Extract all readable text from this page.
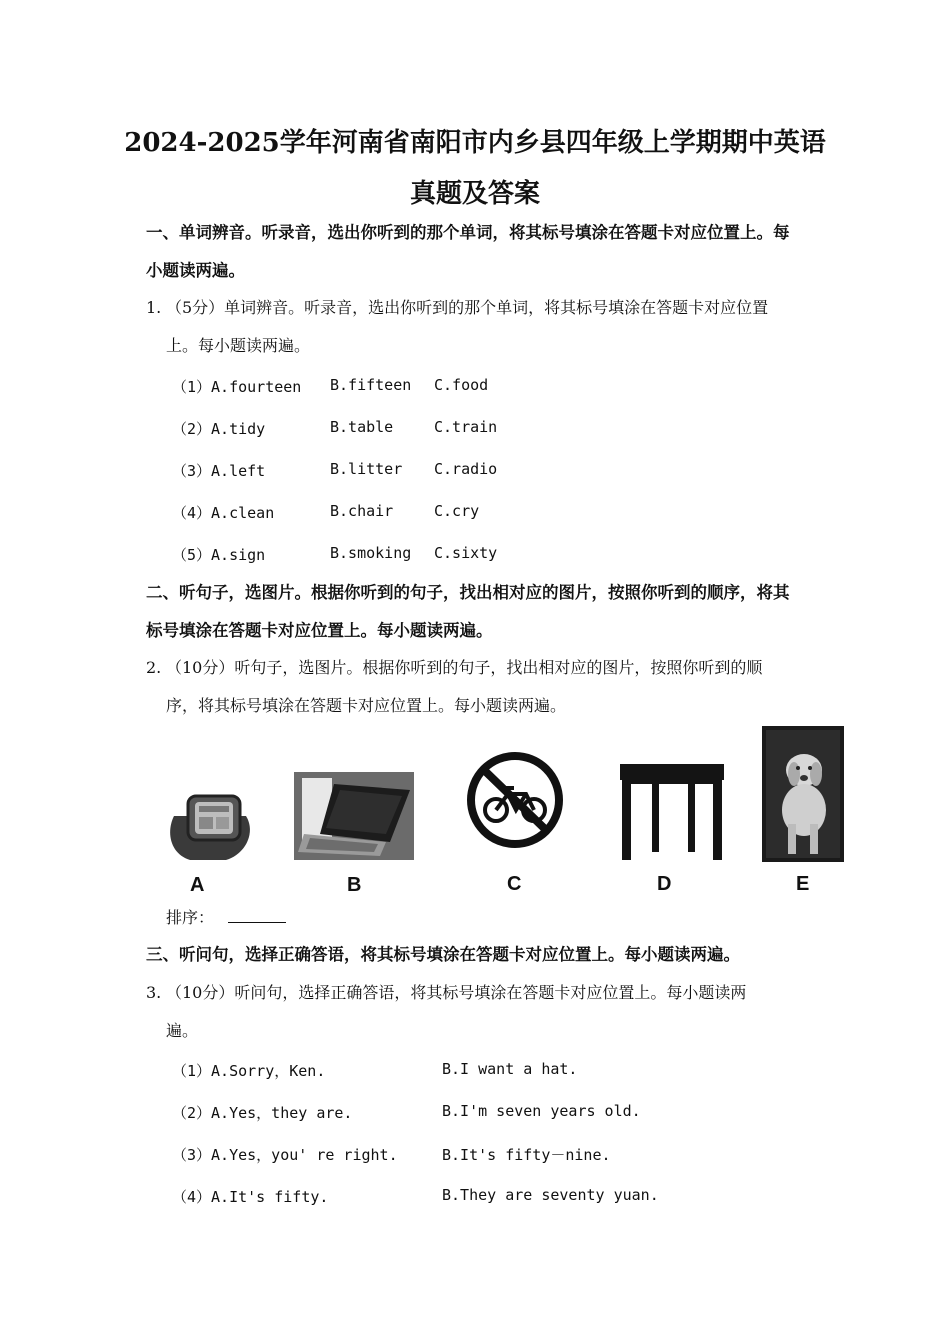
2024-2025学年河南省南阳市内乡县四年级上学期期中英语
真题及答案
一、单词辨音。听录音，选出你听到的那个单词，将其标号填涂在答题卡对应位置上。每
小题读两遍。
1. （5分）单词辨音。听录音，选出你听到的那个单词，将其标号填涂在答题卡对应位置
上。每小题读两遍。
（1）A.fourteen B.fifteen C.food
（2）A.tidy	B.table	C.train
（3）A.left	B.litter C.radio
（4）A.clean	B.chair	C.cry
（5）A.sign	B.smoking C.sixty
二、听句子，选图片。根据你听到的句子，找出相对应的图片，按照你听到的顺序，将其
标号填涂在答题卡对应位置上。每小题读两遍。
2. （10分）听句子，选图片。根据你听到的句子，找出相对应的图片，按照你听到的顺
序，将其标号填涂在答题卡对应位置上。每小题读两遍。
A	B	C	D	E
排序：
三、听问句，选择正确答语，将其标号填涂在答题卡对应位置上。每小题读两遍。
3. （10分）听问句，选择正确答语，将其标号填涂在答题卡对应位置上。每小题读两
遍。
（1）A.Sorry，Ken.	B.I want a hat.
（2）A.Yes，they are.	B.I'm seven years old.
（3）A.Yes，you' re right.	B.It's fifty－nine.
（4）A.It's fifty.	B.They are seventy yuan.
